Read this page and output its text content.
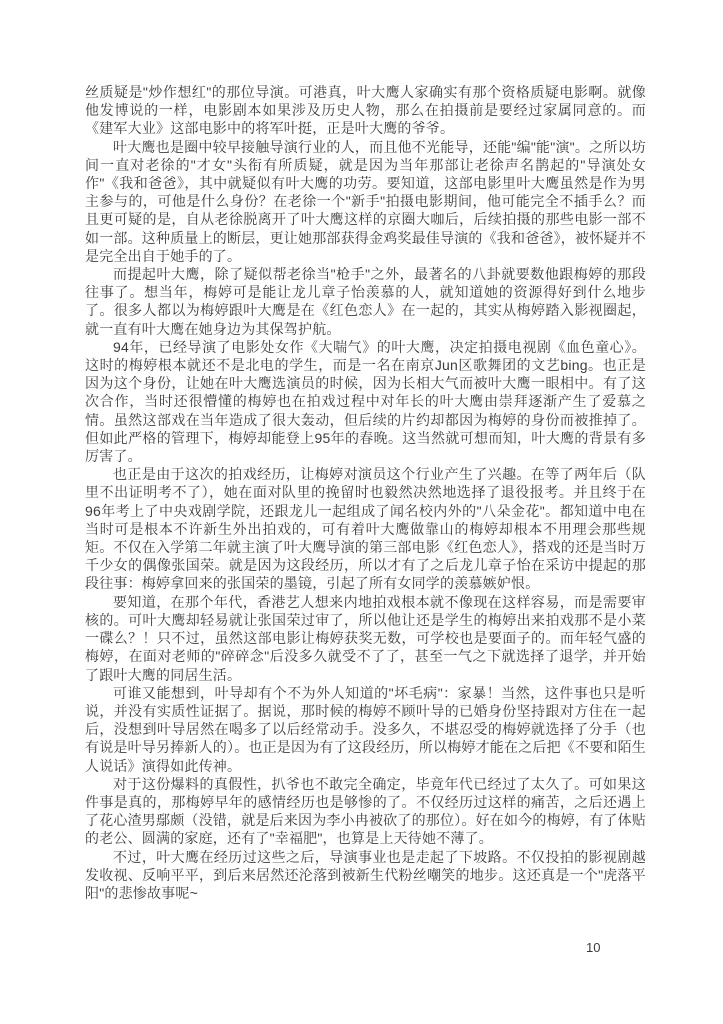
丝质疑是"炒作想红"的那位导演。可港真，叶大鹰人家确实有那个资格质疑电影啊。就像他发博说的一样，电影剧本如果涉及历史人物，那么在拍摄前是要经过家属同意的。而《建军大业》这部电影中的将军叶挺，正是叶大鹰的爷爷。

叶大鹰也是圈中较早接触导演行业的人，而且他不光能导，还能"编"能"演"。之所以坊间一直对老徐的"才女"头衔有所质疑，就是因为当年那部让老徐声名鹊起的"导演处女作"《我和爸爸》，其中就疑似有叶大鹰的功劳。要知道，这部电影里叶大鹰虽然是作为男主参与的，可他是什么身份？在老徐一个"新手"拍摄电影期间，他可能完全不插手么？而且更可疑的是，自从老徐脱离开了叶大鹰这样的京圈大咖后，后续拍摄的那些电影一部不如一部。这种质量上的断层，更让她那部获得金鸡奖最佳导演的《我和爸爸》，被怀疑并不是完全出自于她手的了。

而提起叶大鹰，除了疑似帮老徐当"枪手"之外，最著名的八卦就要数他跟梅婷的那段往事了。想当年，梅婷可是能让龙儿章子怡羡慕的人，就知道她的资源得好到什么地步了。很多人都以为梅婷跟叶大鹰是在《红色恋人》在一起的，其实从梅婷踏入影视圈起，就一直有叶大鹰在她身边为其保驾护航。

94年，已经导演了电影处女作《大喘气》的叶大鹰，决定拍摄电视剧《血色童心》。这时的梅婷根本就还不是北电的学生，而是一名在南京Jun区歌舞团的文艺bing。也正是因为这个身份，让她在叶大鹰选演员的时候，因为长相大气而被叶大鹰一眼相中。有了这次合作，当时还很懵懂的梅婷也在拍戏过程中对年长的叶大鹰由崇拜逐渐产生了爱慕之情。虽然这部戏在当年造成了很大轰动，但后续的片约却都因为梅婷的身份而被推掉了。但如此严格的管理下，梅婷却能登上95年的春晚。这当然就可想而知，叶大鹰的背景有多厉害了。

也正是由于这次的拍戏经历，让梅婷对演员这个行业产生了兴趣。在等了两年后（队里不出证明考不了），她在面对队里的挽留时也毅然决然地选择了退役报考。并且终于在96年考上了中央戏剧学院，还跟龙儿一起组成了闻名校内外的"八朵金花"。都知道中电在当时可是根本不许新生外出拍戏的，可有着叶大鹰做靠山的梅婷却根本不用理会那些规矩。不仅在入学第二年就主演了叶大鹰导演的第三部电影《红色恋人》，搭戏的还是当时万千少女的偶像张国荣。就是因为这段经历，所以才有了之后龙儿章子怡在采访中提起的那段往事：梅婷拿回来的张国荣的墨镜，引起了所有女同学的羡慕嫉妒恨。

要知道，在那个年代，香港艺人想来内地拍戏根本就不像现在这样容易，而是需要审核的。可叶大鹰却轻易就让张国荣过审了，所以他让还是学生的梅婷出来拍戏那不是小菜一碟么？！只不过，虽然这部电影让梅婷获奖无数，可学校也是要面子的。而年轻气盛的梅婷，在面对老师的"碎碎念"后没多久就受不了了，甚至一气之下就选择了退学，并开始了跟叶大鹰的同居生活。

可谁又能想到，叶导却有个不为外人知道的"坏毛病"：家暴！当然，这件事也只是听说，并没有实质性证据了。据说，那时候的梅婷不顾叶导的已婚身份坚持跟对方住在一起后，没想到叶导居然在喝多了以后经常动手。没多久，不堪忍受的梅婷就选择了分手（也有说是叶导另捧新人的）。也正是因为有了这段经历，所以梅婷才能在之后把《不要和陌生人说话》演得如此传神。

对于这份爆料的真假性，扒爷也不敢完全确定，毕竟年代已经过了太久了。可如果这件事是真的，那梅婷早年的感情经历也是够惨的了。不仅经历过这样的痛苦，之后还遇上了花心渣男鄢颇（没错，就是后来因为李小冉被砍了的那位）。好在如今的梅婷，有了体贴的老公、圆满的家庭，还有了"幸福肥"，也算是上天待她不薄了。

不过，叶大鹰在经历过这些之后，导演事业也是走起了下坡路。不仅投拍的影视剧越发收视、反响平平，到后来居然还沦落到被新生代粉丝嘲笑的地步。这还真是一个"虎落平阳"的悲惨故事呢~

10
